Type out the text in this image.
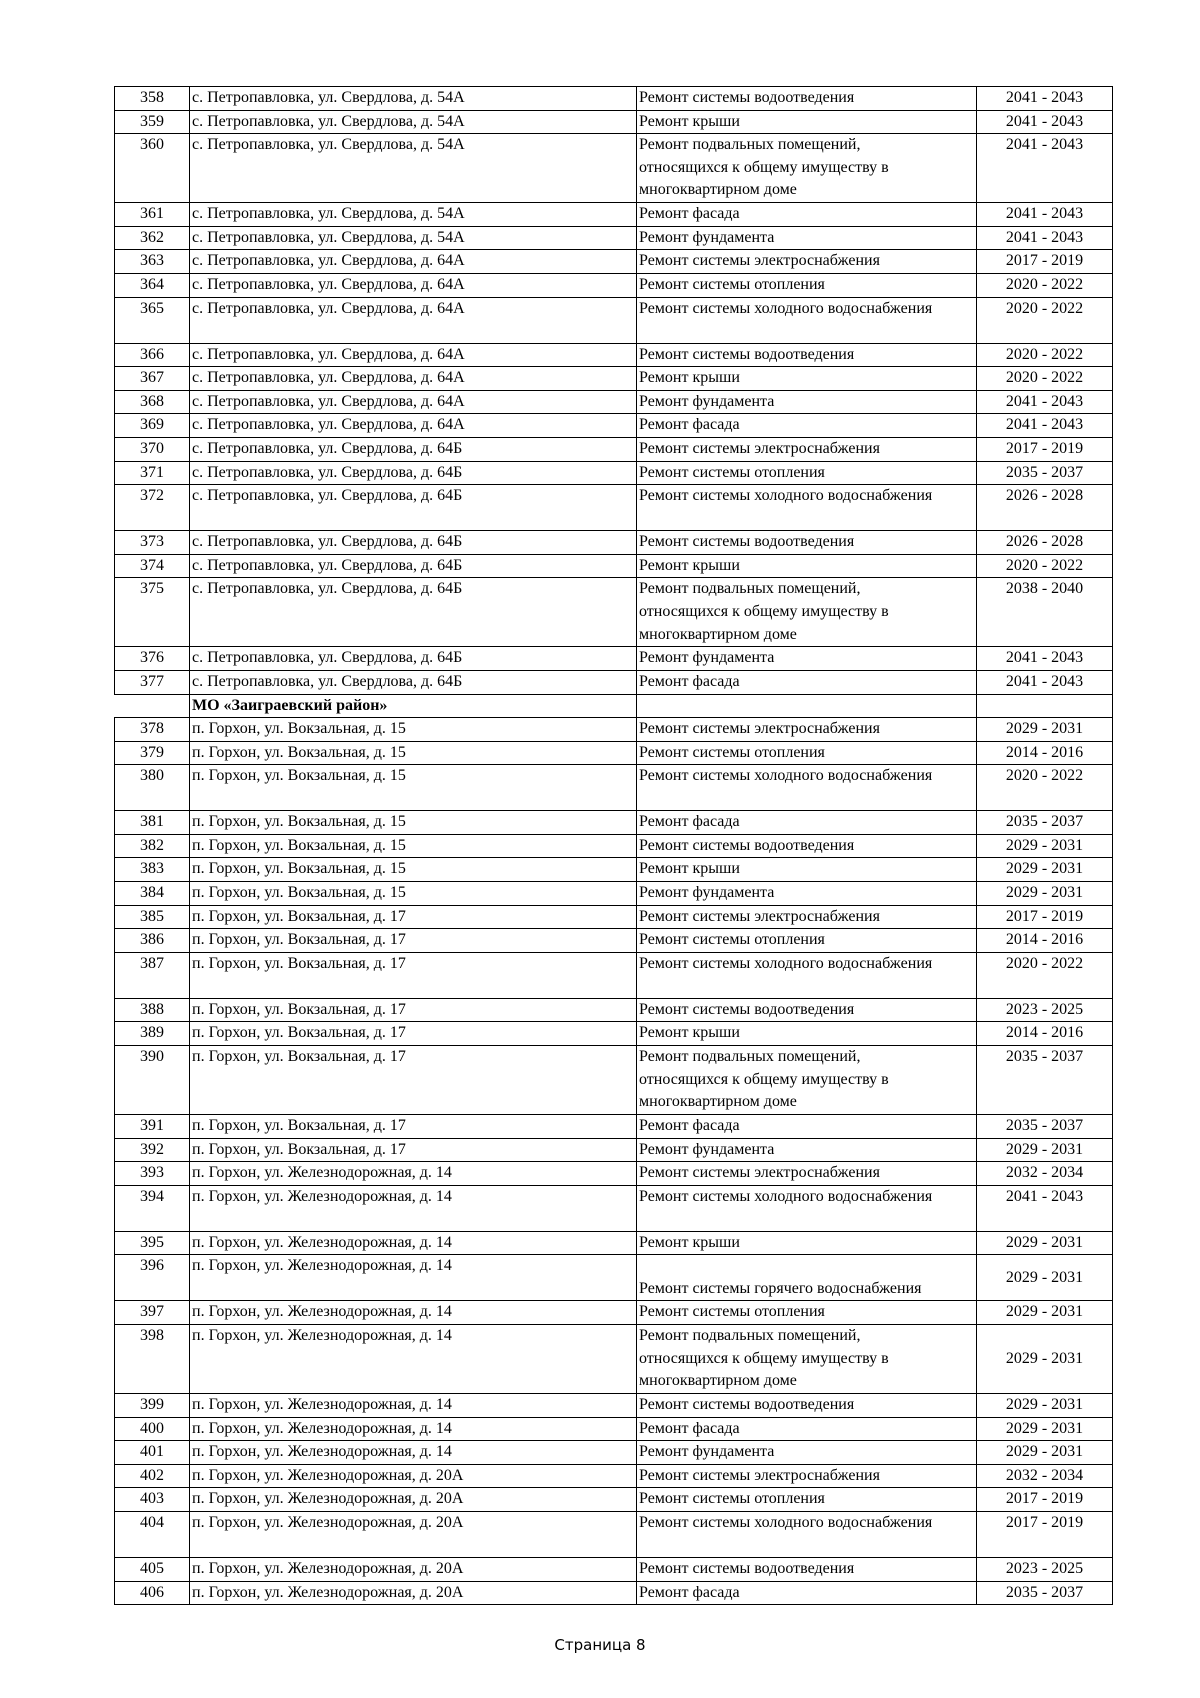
358	с. Петропавловка, ул. Свердлова, д. 54А	Ремонт системы водоотведения	2041 - 2043
359	с. Петропавловка, ул. Свердлова, д. 54А	Ремонт крыши	2041 - 2043
360	с. Петропавловка, ул. Свердлова, д. 54А	Ремонт подвальных помещений,
относящихся к общему имуществу в
многоквартирном доме	2041 - 2043
361	с. Петропавловка, ул. Свердлова, д. 54А	Ремонт фасада	2041 - 2043
362	с. Петропавловка, ул. Свердлова, д. 54А	Ремонт фундамента	2041 - 2043
363	с. Петропавловка, ул. Свердлова, д. 64А	Ремонт системы электроснабжения	2017 - 2019
364	с. Петропавловка, ул. Свердлова, д. 64А	Ремонт системы отопления	2020 - 2022
365	с. Петропавловка, ул. Свердлова, д. 64А	Ремонт системы холодного водоснабжения	2020 - 2022
366	с. Петропавловка, ул. Свердлова, д. 64А	Ремонт системы водоотведения	2020 - 2022
367	с. Петропавловка, ул. Свердлова, д. 64А	Ремонт крыши	2020 - 2022
368	с. Петропавловка, ул. Свердлова, д. 64А	Ремонт фундамента	2041 - 2043
369	с. Петропавловка, ул. Свердлова, д. 64А	Ремонт фасада	2041 - 2043
370	с. Петропавловка, ул. Свердлова, д. 64Б	Ремонт системы электроснабжения	2017 - 2019
371	с. Петропавловка, ул. Свердлова, д. 64Б	Ремонт системы отопления	2035 - 2037
372	с. Петропавловка, ул. Свердлова, д. 64Б	Ремонт системы холодного водоснабжения	2026 - 2028
373	с. Петропавловка, ул. Свердлова, д. 64Б	Ремонт системы водоотведения	2026 - 2028
374	с. Петропавловка, ул. Свердлова, д. 64Б	Ремонт крыши	2020 - 2022
375	с. Петропавловка, ул. Свердлова, д. 64Б	Ремонт подвальных помещений,
относящихся к общему имуществу в
многоквартирном доме	2038 - 2040
376	с. Петропавловка, ул. Свердлова, д. 64Б	Ремонт фундамента	2041 - 2043
377	с. Петропавловка, ул. Свердлова, д. 64Б	Ремонт фасада	2041 - 2043
	МО «Заиграевский район»		
378	п. Горхон, ул. Вокзальная, д. 15	Ремонт системы электроснабжения	2029 - 2031
379	п. Горхон, ул. Вокзальная, д. 15	Ремонт системы отопления	2014 - 2016
380	п. Горхон, ул. Вокзальная, д. 15	Ремонт системы холодного водоснабжения	2020 - 2022
381	п. Горхон, ул. Вокзальная, д. 15	Ремонт фасада	2035 - 2037
382	п. Горхон, ул. Вокзальная, д. 15	Ремонт системы водоотведения	2029 - 2031
383	п. Горхон, ул. Вокзальная, д. 15	Ремонт крыши	2029 - 2031
384	п. Горхон, ул. Вокзальная, д. 15	Ремонт фундамента	2029 - 2031
385	п. Горхон, ул. Вокзальная, д. 17	Ремонт системы электроснабжения	2017 - 2019
386	п. Горхон, ул. Вокзальная, д. 17	Ремонт системы отопления	2014 - 2016
387	п. Горхон, ул. Вокзальная, д. 17	Ремонт системы холодного водоснабжения	2020 - 2022
388	п. Горхон, ул. Вокзальная, д. 17	Ремонт системы водоотведения	2023 - 2025
389	п. Горхон, ул. Вокзальная, д. 17	Ремонт крыши	2014 - 2016
390	п. Горхон, ул. Вокзальная, д. 17	Ремонт подвальных помещений,
относящихся к общему имуществу в
многоквартирном доме	2035 - 2037
391	п. Горхон, ул. Вокзальная, д. 17	Ремонт фасада	2035 - 2037
392	п. Горхон, ул. Вокзальная, д. 17	Ремонт фундамента	2029 - 2031
393	п. Горхон, ул. Железнодорожная, д. 14	Ремонт системы электроснабжения	2032 - 2034
394	п. Горхон, ул. Железнодорожная, д. 14	Ремонт системы холодного водоснабжения	2041 - 2043
395	п. Горхон, ул. Железнодорожная, д. 14	Ремонт крыши	2029 - 2031
396	п. Горхон, ул. Железнодорожная, д. 14	Ремонт системы горячего водоснабжения	2029 - 2031
397	п. Горхон, ул. Железнодорожная, д. 14	Ремонт системы отопления	2029 - 2031
398	п. Горхон, ул. Железнодорожная, д. 14	Ремонт подвальных помещений,
относящихся к общему имуществу в
многоквартирном доме	2029 - 2031
399	п. Горхон, ул. Железнодорожная, д. 14	Ремонт системы водоотведения	2029 - 2031
400	п. Горхон, ул. Железнодорожная, д. 14	Ремонт фасада	2029 - 2031
401	п. Горхон, ул. Железнодорожная, д. 14	Ремонт фундамента	2029 - 2031
402	п. Горхон, ул. Железнодорожная, д. 20А	Ремонт системы электроснабжения	2032 - 2034
403	п. Горхон, ул. Железнодорожная, д. 20А	Ремонт системы отопления	2017 - 2019
404	п. Горхон, ул. Железнодорожная, д. 20А	Ремонт системы холодного водоснабжения	2017 - 2019
405	п. Горхон, ул. Железнодорожная, д. 20А	Ремонт системы водоотведения	2023 - 2025
406	п. Горхон, ул. Железнодорожная, д. 20А	Ремонт фасада	2035 - 2037
Страница 8
